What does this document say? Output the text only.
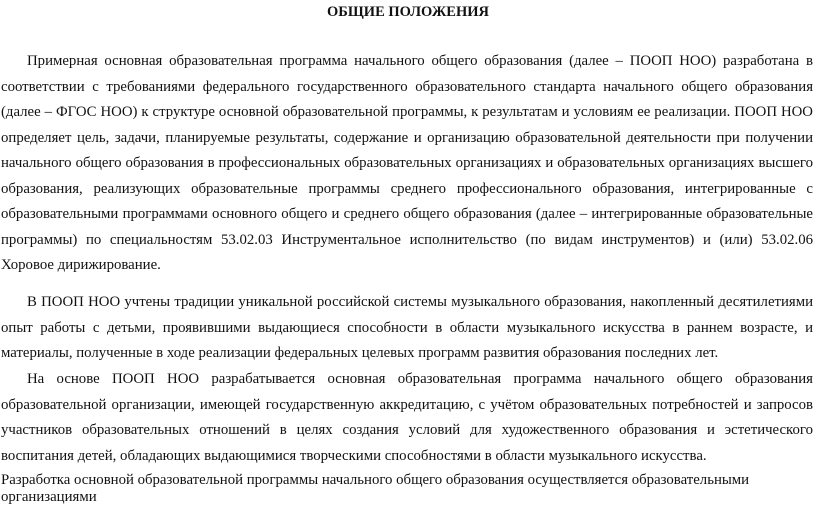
ОБЩИЕ ПОЛОЖЕНИЯ

Примерная основная образовательная программа начального общего образования (далее – ПООП НОО) разработана в соответствии с требованиями федерального государственного образовательного стандарта начального общего образования (далее – ФГОС НОО) к структуре основной образовательной программы, к результатам и условиям ее реализации. ПООП НОО определяет цель, задачи, планируемые результаты, содержание и организацию образовательной деятельности при получении начального общего образования в профессиональных образовательных организациях и образовательных организациях высшего образования, реализующих образовательные программы среднего профессионального образования, интегрированные с образовательными программами основного общего и среднего общего образования (далее – интегрированные образовательные программы) по специальностям 53.02.03 Инструментальное исполнительство (по видам инструментов) и (или) 53.02.06 Хоровое дирижирование.

В ПООП НОО учтены традиции уникальной российской системы музыкального образования, накопленный десятилетиями опыт работы с детьми, проявившими выдающиеся способности в области музыкального искусства в раннем возрасте, и материалы, полученные в ходе реализации федеральных целевых программ развития образования последних лет.

На основе ПООП НОО разрабатывается основная образовательная программа начального общего образования образовательной организации, имеющей государственную аккредитацию, с учётом образовательных потребностей и запросов участников образовательных отношений в целях создания условий для художественного образования и эстетического воспитания детей, обладающих выдающимися творческими способностями в области музыкального искусства.

Разработка основной образовательной программы начального общего образования осуществляется образовательными организациями
